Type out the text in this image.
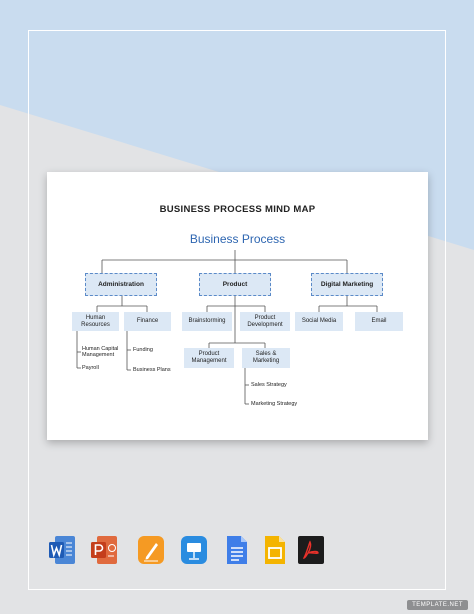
BUSINESS PROCESS MIND MAP
Business Process
Administration	Product	Digital Marketing
Human Resources
Finance	Brainstorming
Product Development
Product Management
Sales & Marketing
Social Media	Email
Human Capital Management
Payroll
Funding
Business Plans
Sales Strategy
Marketing Strategy
TEMPLATE.NET
